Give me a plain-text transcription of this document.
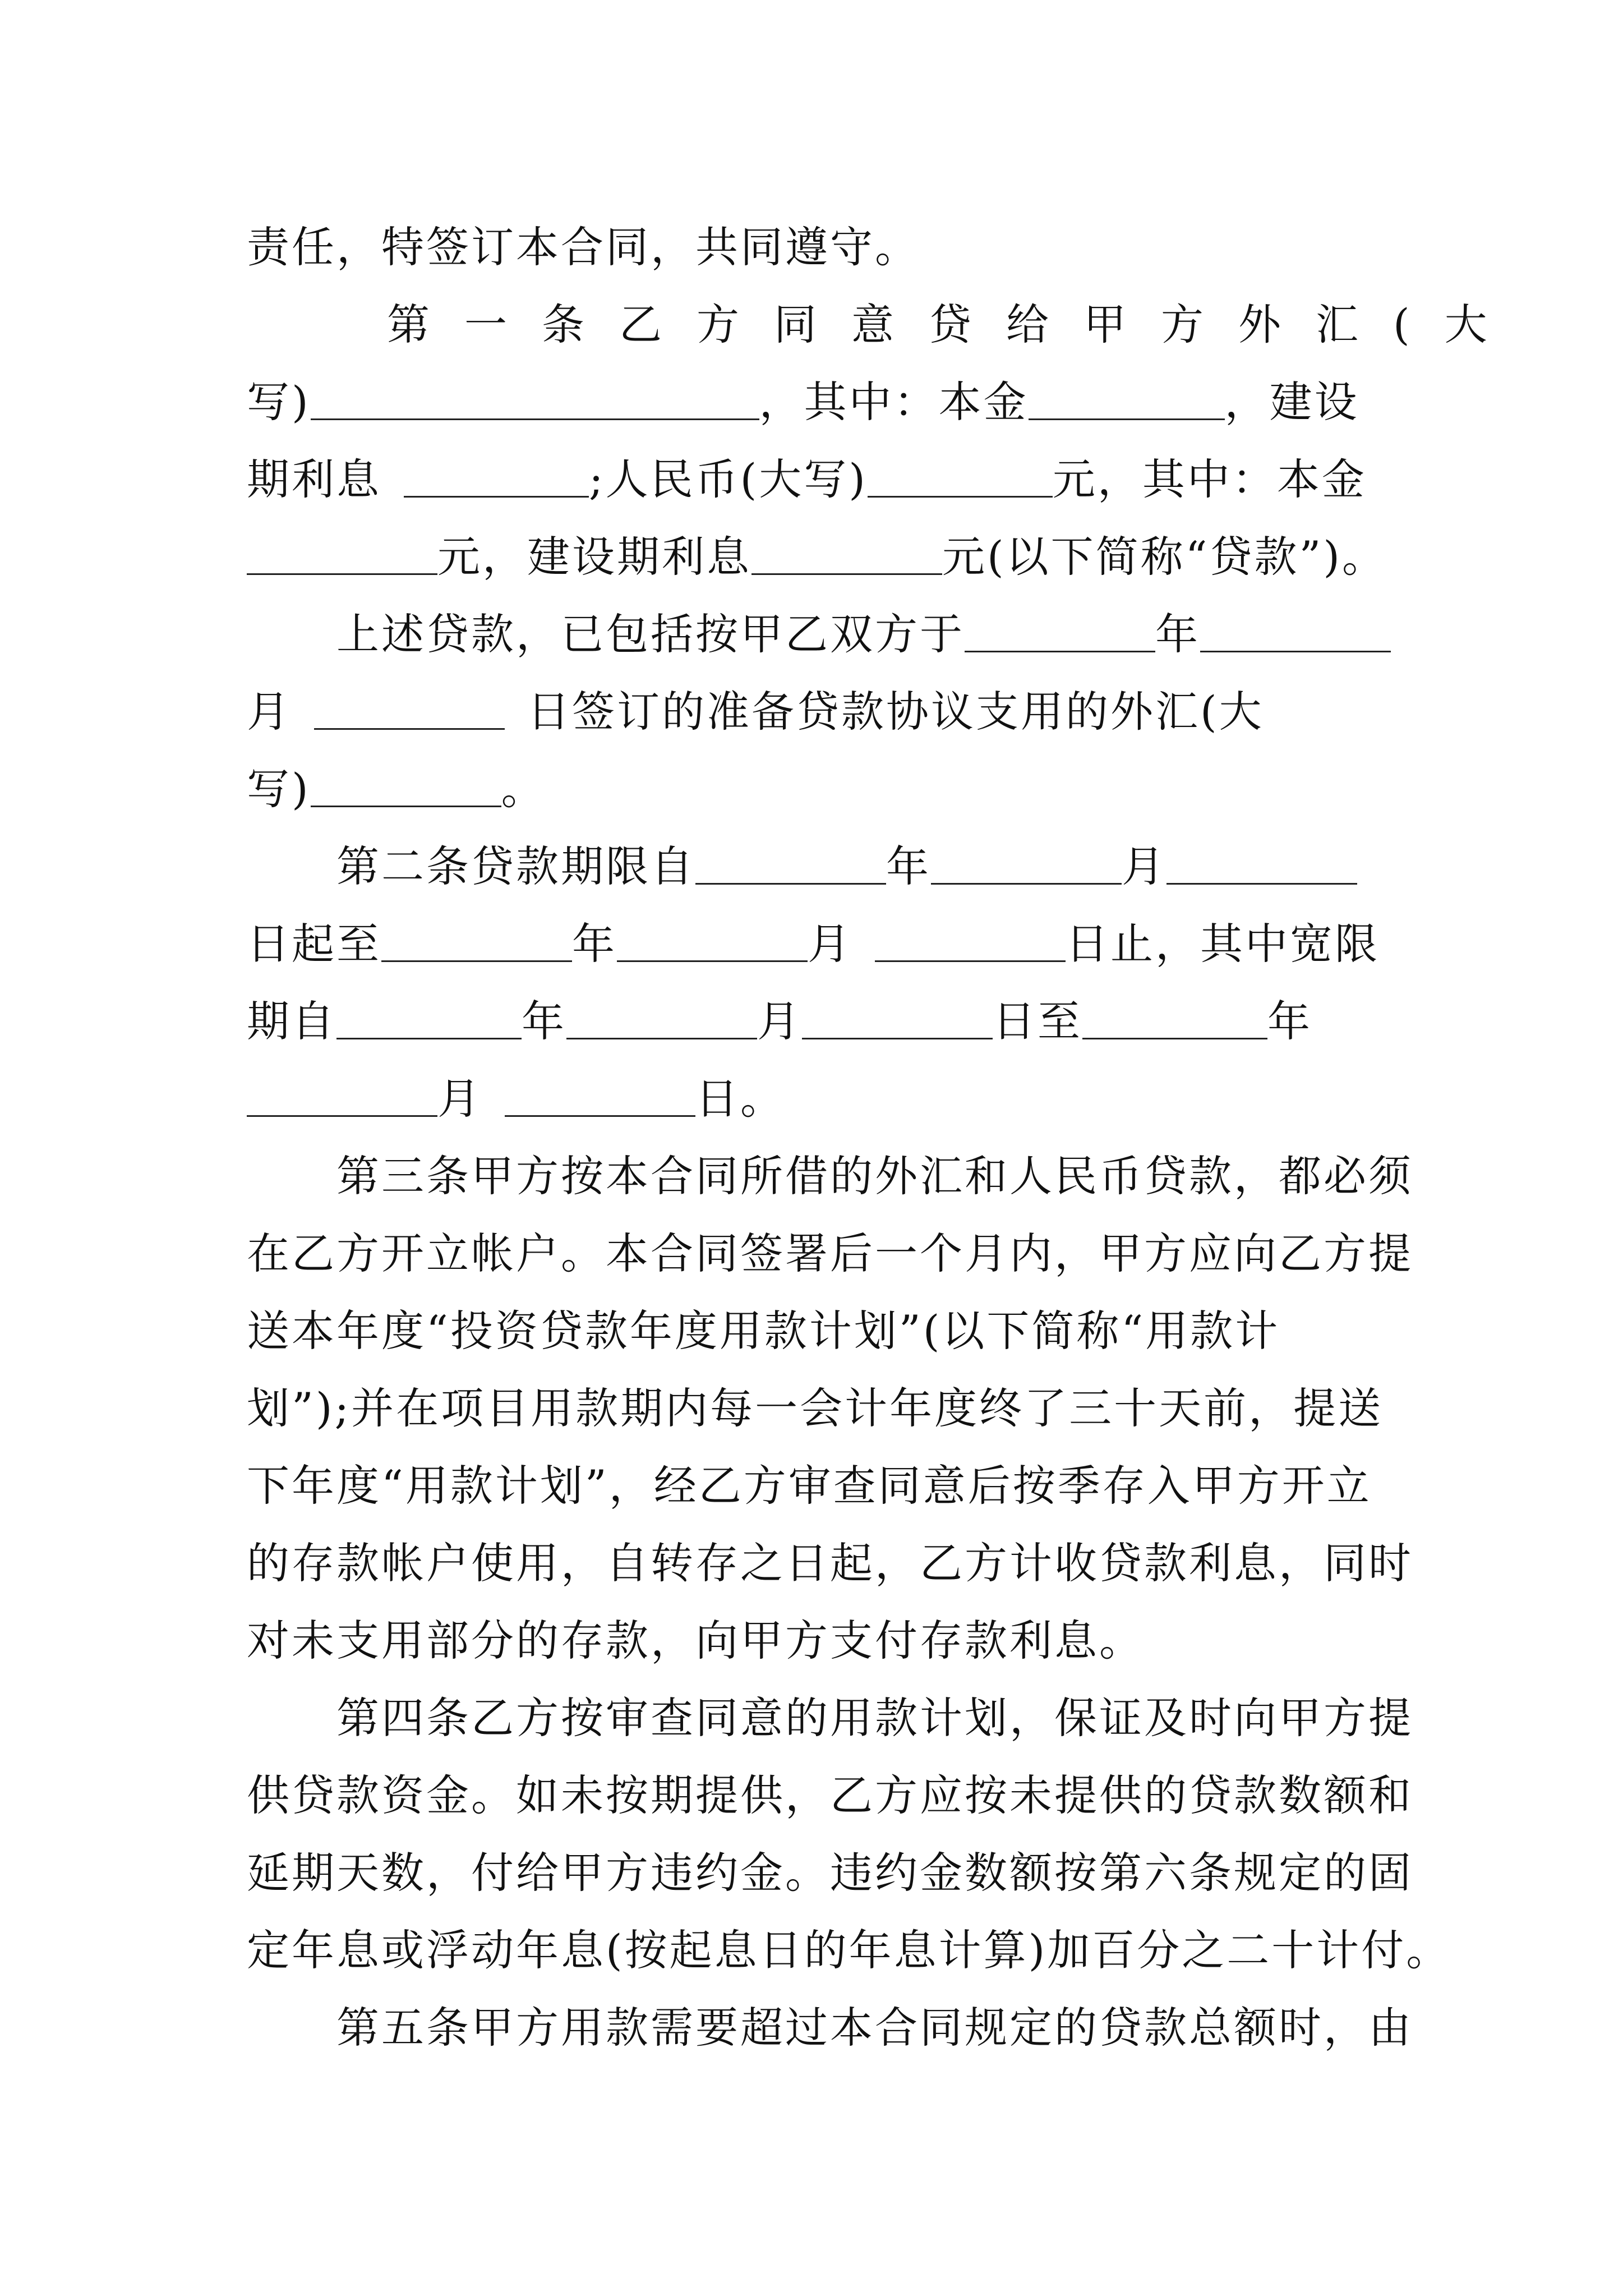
责任，特签订本合同，共同遵守。
第一条乙方同意贷给甲方外汇(大
写)	，其中：本金	，建设
期利息	;人民币(大写)	元，其中：本金
元，建设期利息	元(以下简称“贷款”)。
上述贷款，已包括按甲乙双方于	年
月	日签订的准备贷款协议支用的外汇(大
写)	。
第二条贷款期限自	年	月
日起至	年	月	日止，其中宽限
期自	年	月	日至	年
月	日。
第三条甲方按本合同所借的外汇和人民币贷款，都必须
在乙方开立帐户。本合同签署后一个月内，甲方应向乙方提
送本年度“投资贷款年度用款计划”(以下简称“用款计
划”);并在项目用款期内每一会计年度终了三十天前，提送
下年度“用款计划”，经乙方审查同意后按季存入甲方开立
的存款帐户使用，自转存之日起，乙方计收贷款利息，同时
对未支用部分的存款，向甲方支付存款利息。
第四条乙方按审查同意的用款计划，保证及时向甲方提
供贷款资金。如未按期提供，乙方应按未提供的贷款数额和
延期天数，付给甲方违约金。违约金数额按第六条规定的固
定年息或浮动年息(按起息日的年息计算)加百分之二十计付。
第五条甲方用款需要超过本合同规定的贷款总额时，由
